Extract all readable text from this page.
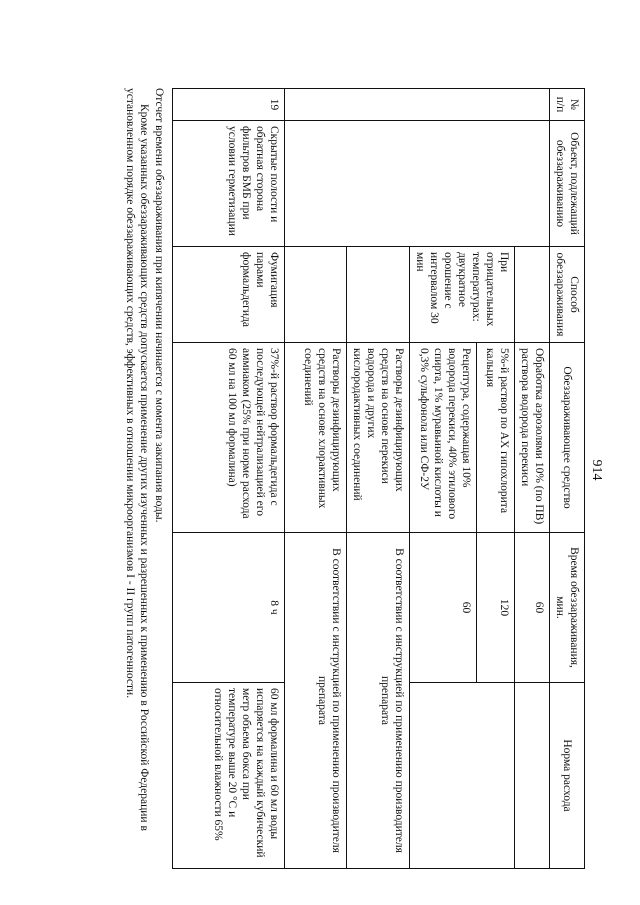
914
№ п/п	Объект, подлежащий обеззараживанию	Способ обеззараживания	Обеззараживающее средство	Время обеззараживания, мин.	Норма расхода
			Обработка аэрозолями 10% (по ПВ) раствора водорода перекиси	60	
		При отрицательных температурах: двукратное орошение с интервалом 30 мин	5%-й раствор по АХ гипохлорита кальция	120	
			Рецептура, содержащая 10% водорода перекиси, 40% этилового спирта, 1% муравьиной кислоты и 0,3% сульфонола или СФ-2У	60	
			Растворы дезинфицирующих средств на основе перекиси водорода и других кислородактивных соединений	В соответствии с инструкцией по применению производителя препарата	
			Растворы дезинфицирующих средств на основе хлорактивных соединений	В соответствии с инструкцией по применению производителя препарата	
19	Скрытые полости и обратная сторона фильтров БМБ при условии герметизации	Фумигация парами формальдегида	37%-й раствор формальдегида с последующей нейтрализацией его аммиаком (25% при норме расхода 60 мл на 100 мл формалина)	8 ч	60 мл формалина и 60 мл воды испаряется на каждый кубический метр объема бокса при температуре выше 20 °С и относительной влажности 65%

Отсчет времени обеззараживания при кипячении начинается с момента закипания воды.

Кроме указанных обеззараживающих средств допускается применение других изученных и разрешенных к применению в Российской Федерации в установленном порядке обеззараживающих средств, эффективных в отношении микроорганизмов I - II групп патогенности.
